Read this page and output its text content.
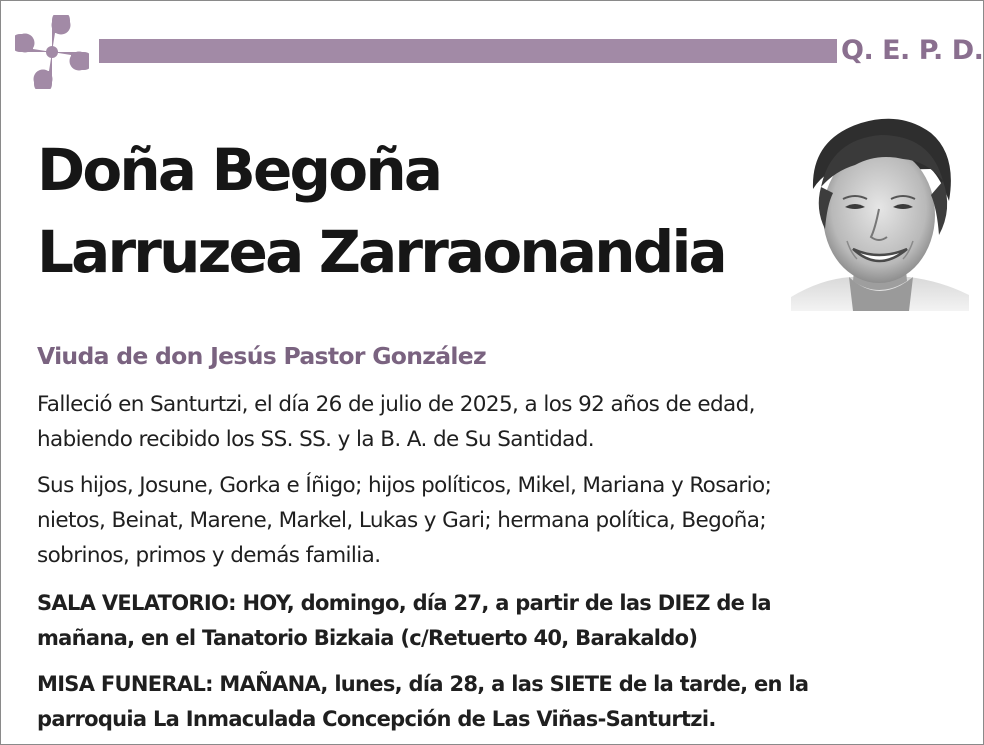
Q. E. P. D.
Doña Begoña
Larruzea Zarraonandia
Viuda de don Jesús Pastor González
Falleció en Santurtzi, el día 26 de julio de 2025, a los 92 años de edad,
habiendo recibido los SS. SS. y la B. A. de Su Santidad.
Sus hijos, Josune, Gorka e Íñigo; hijos políticos, Mikel, Mariana y Rosario;
nietos, Beinat, Marene, Markel, Lukas y Gari; hermana política, Begoña;
sobrinos, primos y demás familia.
SALA VELATORIO: HOY, domingo, día 27, a partir de las DIEZ de la
mañana, en el Tanatorio Bizkaia (c/Retuerto 40, Barakaldo)
MISA FUNERAL: MAÑANA, lunes, día 28, a las SIETE de la tarde, en la
parroquia La Inmaculada Concepción de Las Viñas-Santurtzi.
